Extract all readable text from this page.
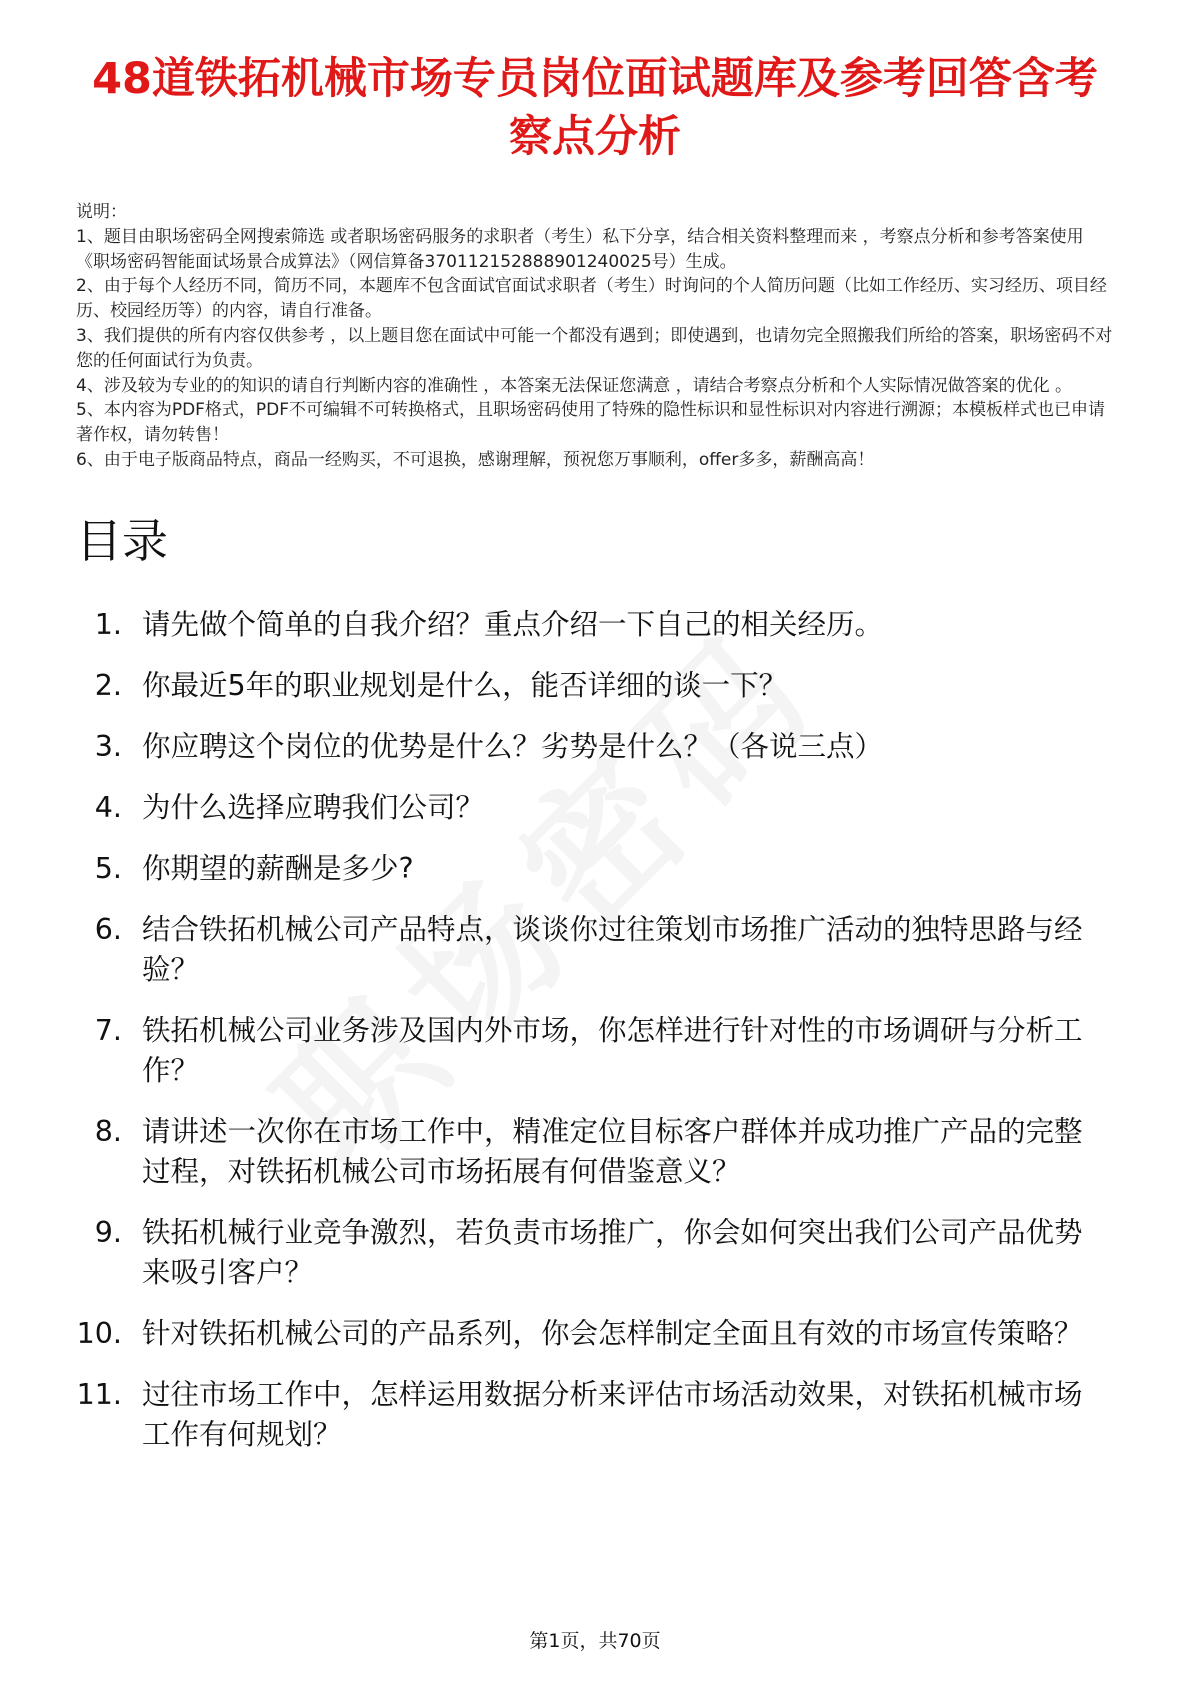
48道铁拓机械市场专员岗位面试题库及参考回答含考察点分析

说明：

1、题目由职场密码全网搜索筛选 或者职场密码服务的求职者（考生）私下分享，结合相关资料整理而来 ，考察点分析和参考答案使用《职场密码智能面试场景合成算法》（网信算备370112152888901240025号）生成。

2、由于每个人经历不同，简历不同，本题库不包含面试官面试求职者（考生）时询问的个人简历问题（比如工作经历、实习经历、项目经历、校园经历等）的内容，请自行准备。

3、我们提供的所有内容仅供参考 ，以上题目您在面试中可能一个都没有遇到；即使遇到，也请勿完全照搬我们所给的答案，职场密码不对您的任何面试行为负责。

4、涉及较为专业的的知识的请自行判断内容的准确性 ，本答案无法保证您满意 ，请结合考察点分析和个人实际情况做答案的优化 。

5、本内容为PDF格式，PDF不可编辑不可转换格式，且职场密码使用了特殊的隐性标识和显性标识对内容进行溯源；本模板样式也已申请著作权，请勿转售！

6、由于电子版商品特点，商品一经购买，不可退换，感谢理解，预祝您万事顺利，offer多多，薪酬高高！

目录
1. 请先做个简单的自我介绍？重点介绍一下自己的相关经历。
2. 你最近5年的职业规划是什么，能否详细的谈一下？
3. 你应聘这个岗位的优势是什么？劣势是什么？（各说三点）
4. 为什么选择应聘我们公司？
5. 你期望的薪酬是多少?
6. 结合铁拓机械公司产品特点，谈谈你过往策划市场推广活动的独特思路与经验？
7. 铁拓机械公司业务涉及国内外市场，你怎样进行针对性的市场调研与分析工作？
8. 请讲述一次你在市场工作中，精准定位目标客户群体并成功推广产品的完整过程，对铁拓机械公司市场拓展有何借鉴意义？
9. 铁拓机械行业竞争激烈，若负责市场推广，你会如何突出我们公司产品优势来吸引客户？
10. 针对铁拓机械公司的产品系列，你会怎样制定全面且有效的市场宣传策略？
11. 过往市场工作中，怎样运用数据分析来评估市场活动效果，对铁拓机械市场工作有何规划？
第1页，共70页
